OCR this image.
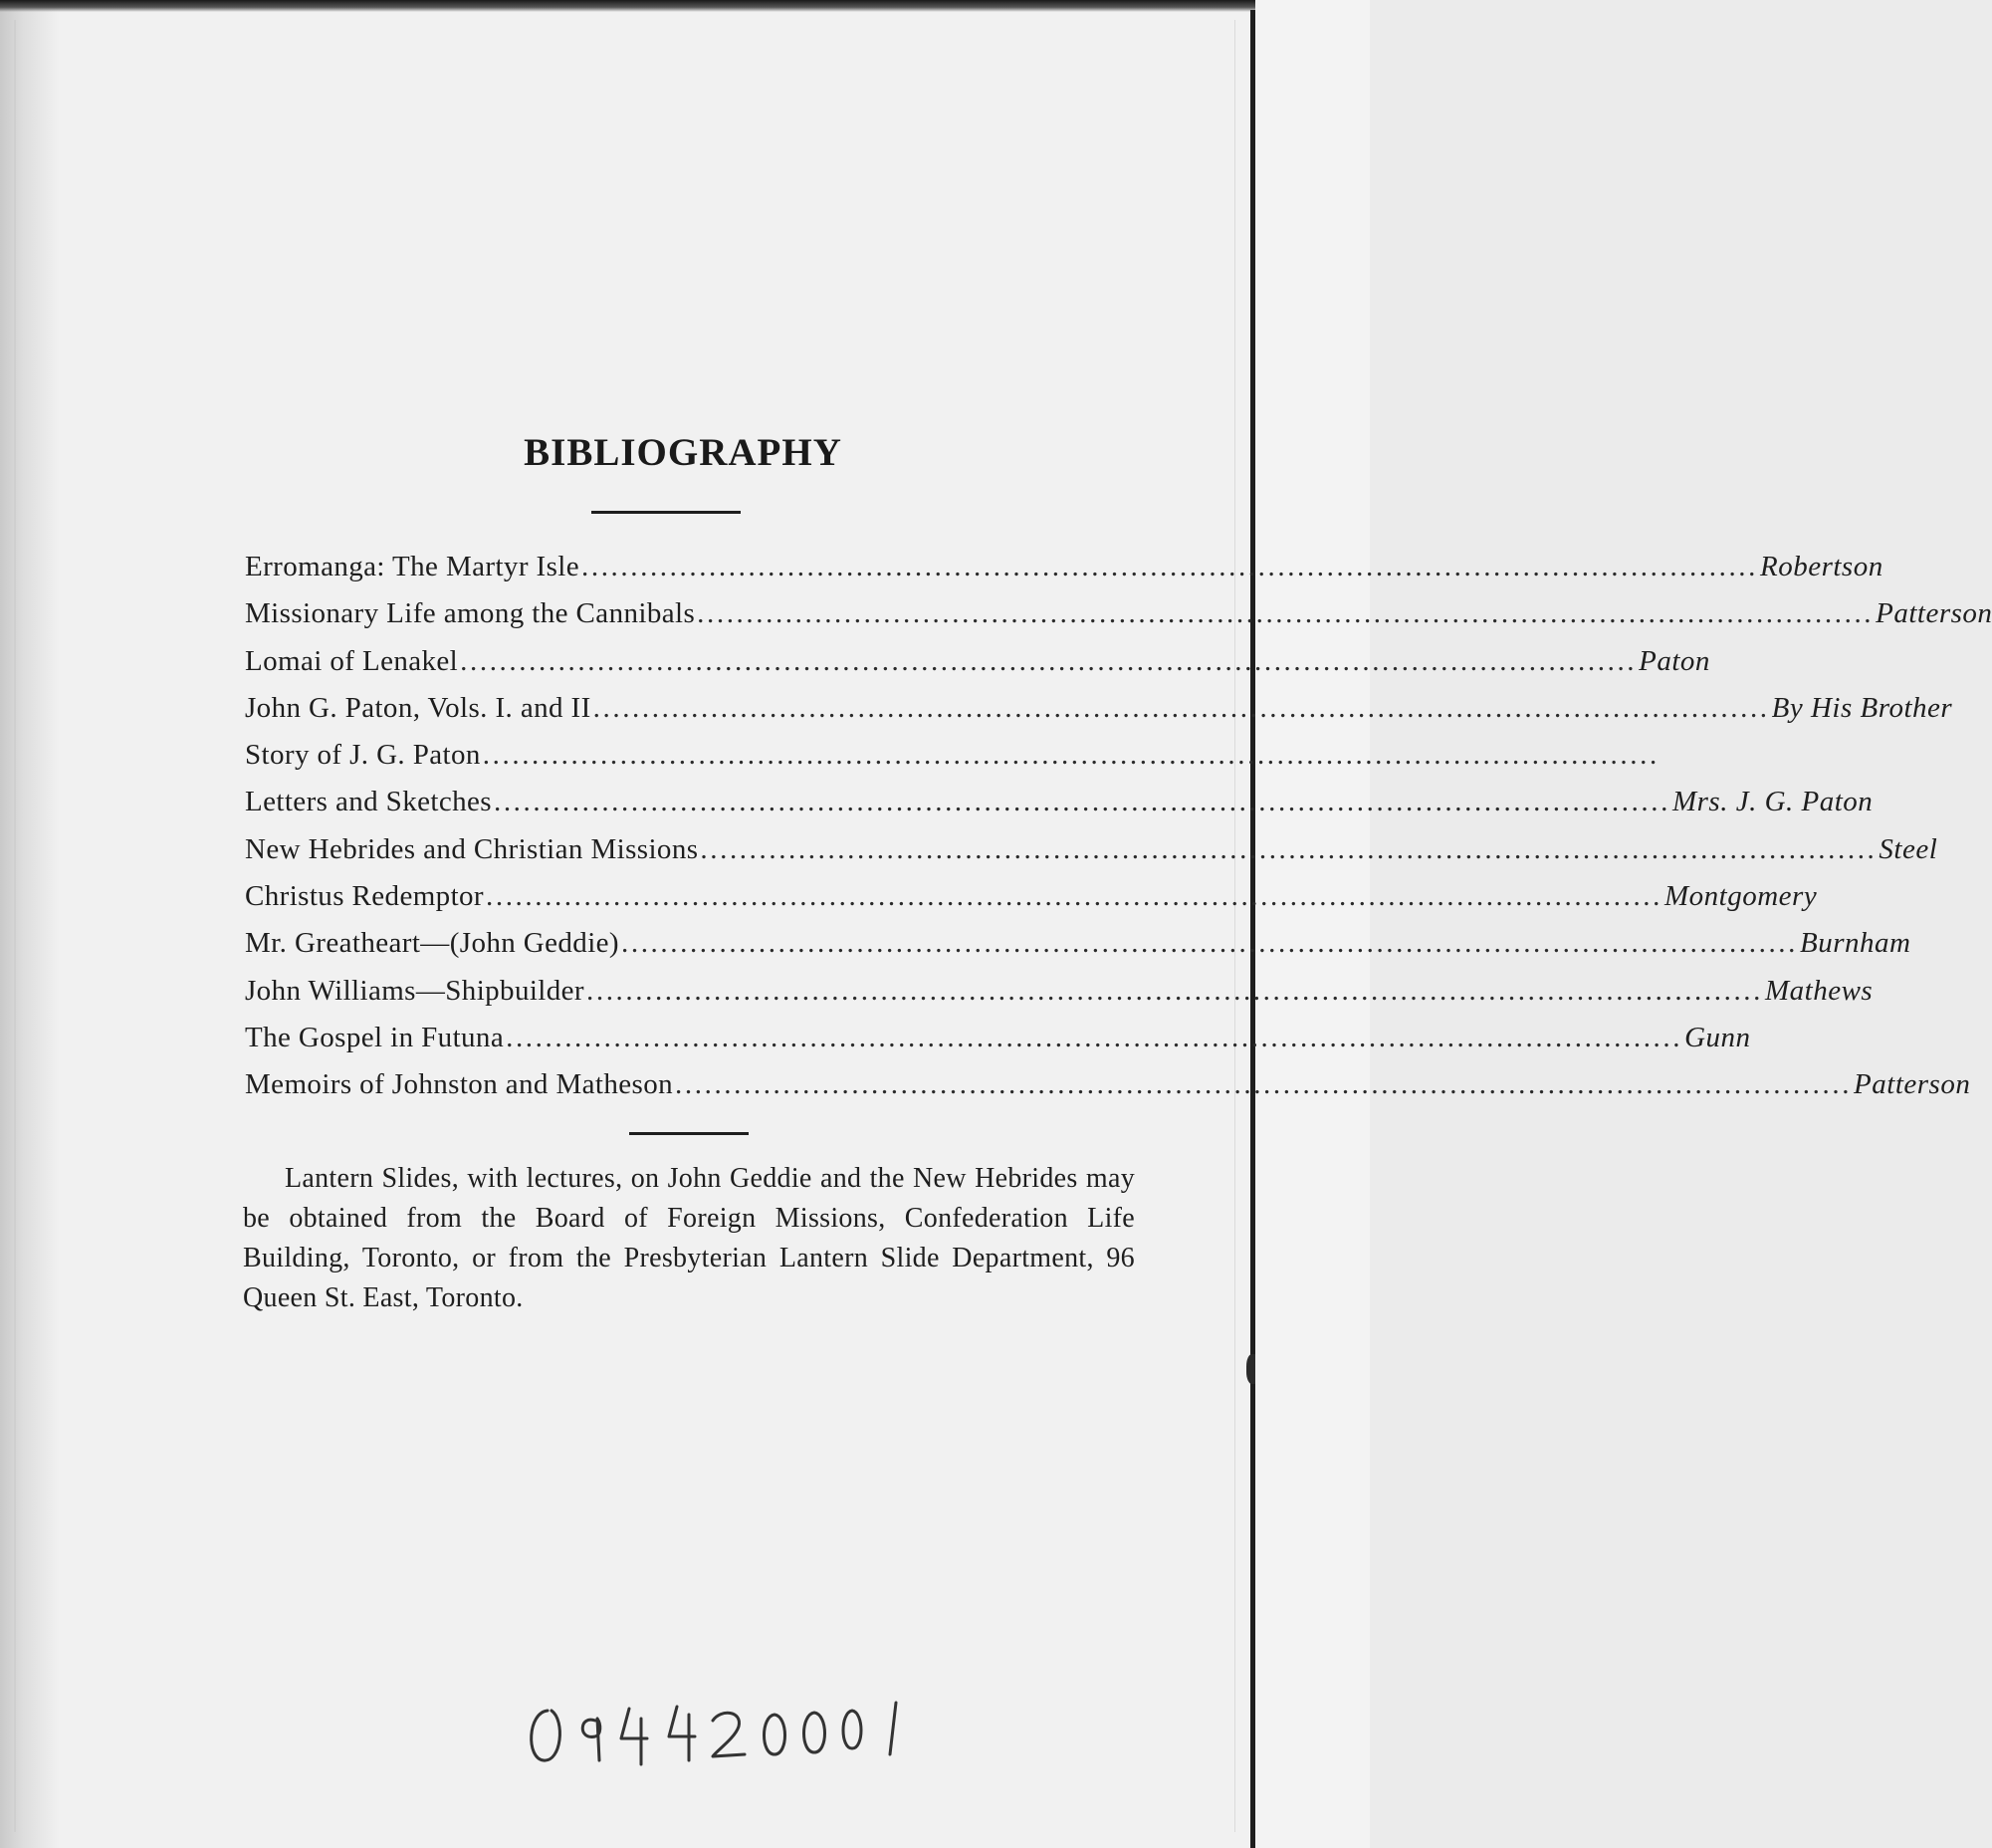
BIBLIOGRAPHY
Erromanga: The Martyr Isle ........................................................................................................................ Robertson
Missionary Life among the Cannibals ........................................................................................................................ Patterson
Lomai of Lenakel ........................................................................................................................ Paton
John G. Paton, Vols. I. and II ........................................................................................................................ By His Brother
Story of J. G. Paton ........................................................................................................................
Letters and Sketches ........................................................................................................................ Mrs. J. G. Paton
New Hebrides and Christian Missions ........................................................................................................................ Steel
Christus Redemptor ........................................................................................................................ Montgomery
Mr. Greatheart—(John Geddie) ........................................................................................................................ Burnham
John Williams—Shipbuilder ........................................................................................................................ Mathews
The Gospel in Futuna ........................................................................................................................ Gunn
Memoirs of Johnston and Matheson ........................................................................................................................ Patterson

Lantern Slides, with lectures, on John Geddie and the New Hebrides may be obtained from the Board of Foreign Missions, Confederation Life Building, Toronto, or from the Presbyterian Lantern Slide Department, 96 Queen St. East, Toronto.
